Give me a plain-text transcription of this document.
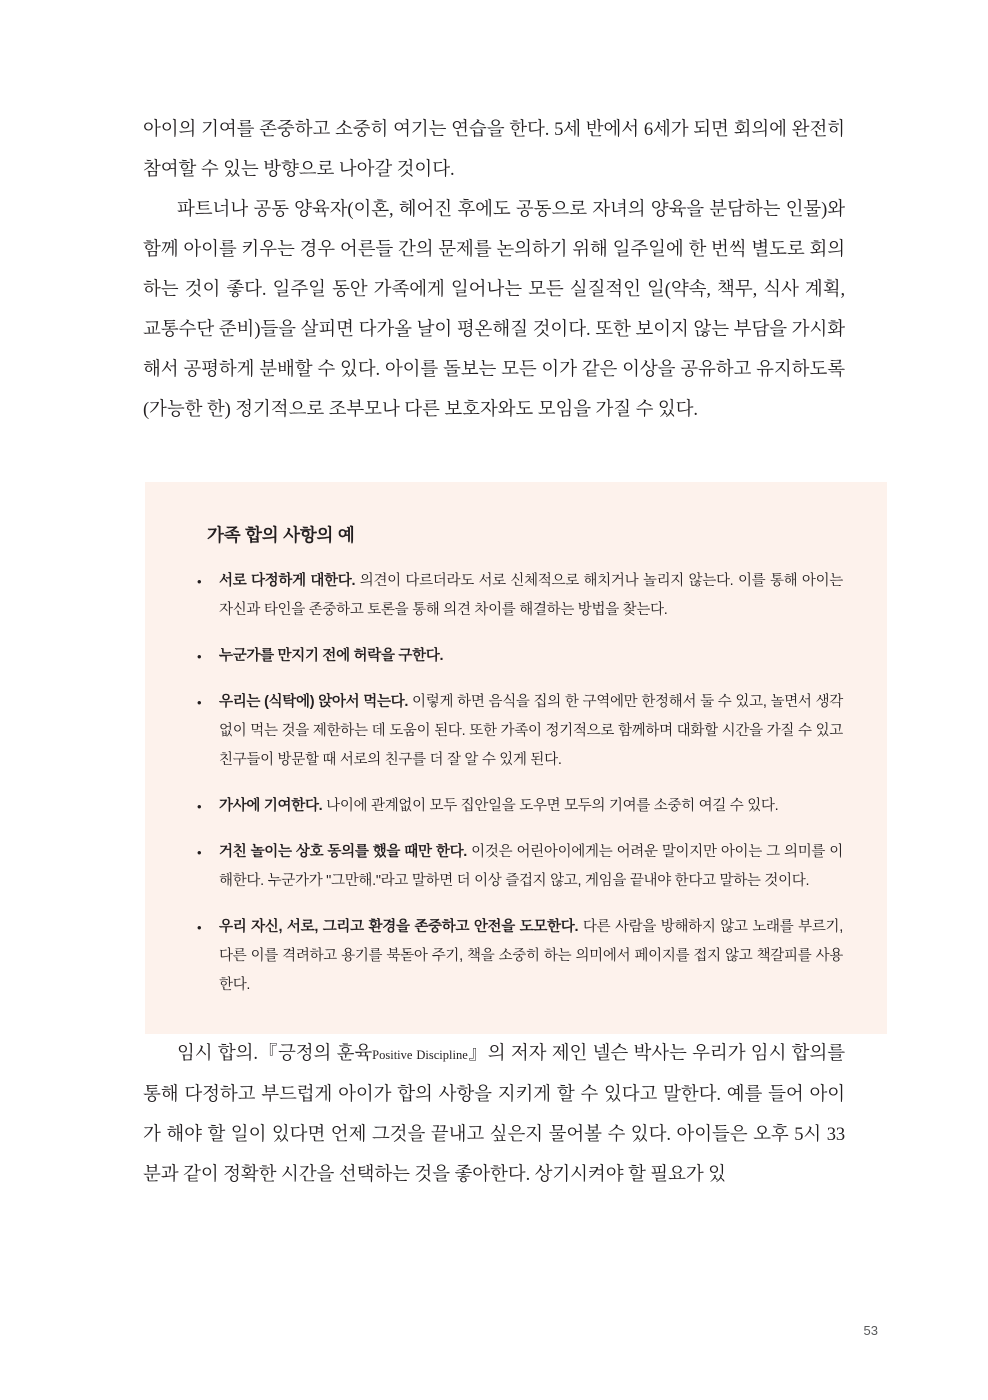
아이의 기여를 존중하고 소중히 여기는 연습을 한다. 5세 반에서 6세가 되면 회의에 완전히 참여할 수 있는 방향으로 나아갈 것이다.

파트너나 공동 양육자(이혼, 헤어진 후에도 공동으로 자녀의 양육을 분담하는 인물)와 함께 아이를 키우는 경우 어른들 간의 문제를 논의하기 위해 일주일에 한 번씩 별도로 회의하는 것이 좋다. 일주일 동안 가족에게 일어나는 모든 실질적인 일(약속, 책무, 식사 계획, 교통수단 준비)들을 살피면 다가올 날이 평온해질 것이다. 또한 보이지 않는 부담을 가시화해서 공평하게 분배할 수 있다. 아이를 돌보는 모든 이가 같은 이상을 공유하고 유지하도록 (가능한 한) 정기적으로 조부모나 다른 보호자와도 모임을 가질 수 있다.

가족 합의 사항의 예
• 서로 다정하게 대한다. 의견이 다르더라도 서로 신체적으로 해치거나 놀리지 않는다. 이를 통해 아이는 자신과 타인을 존중하고 토론을 통해 의견 차이를 해결하는 방법을 찾는다.
• 누군가를 만지기 전에 허락을 구한다.
• 우리는 (식탁에) 앉아서 먹는다. 이렇게 하면 음식을 집의 한 구역에만 한정해서 둘 수 있고, 놀면서 생각 없이 먹는 것을 제한하는 데 도움이 된다. 또한 가족이 정기적으로 함께하며 대화할 시간을 가질 수 있고 친구들이 방문할 때 서로의 친구를 더 잘 알 수 있게 된다.
• 가사에 기여한다. 나이에 관계없이 모두 집안일을 도우면 모두의 기여를 소중히 여길 수 있다.
• 거친 놀이는 상호 동의를 했을 때만 한다. 이것은 어린아이에게는 어려운 말이지만 아이는 그 의미를 이해한다. 누군가가 "그만해."라고 말하면 더 이상 즐겁지 않고, 게임을 끝내야 한다고 말하는 것이다.
• 우리 자신, 서로, 그리고 환경을 존중하고 안전을 도모한다. 다른 사람을 방해하지 않고 노래를 부르기, 다른 이를 격려하고 용기를 북돋아 주기, 책을 소중히 하는 의미에서 페이지를 접지 않고 책갈피를 사용한다.

임시 합의.『긍정의 훈육Positive Discipline』의 저자 제인 넬슨 박사는 우리가 임시 합의를 통해 다정하고 부드럽게 아이가 합의 사항을 지키게 할 수 있다고 말한다. 예를 들어 아이가 해야 할 일이 있다면 언제 그것을 끝내고 싶은지 물어볼 수 있다. 아이들은 오후 5시 33분과 같이 정확한 시간을 선택하는 것을 좋아한다. 상기시켜야 할 필요가 있

53
